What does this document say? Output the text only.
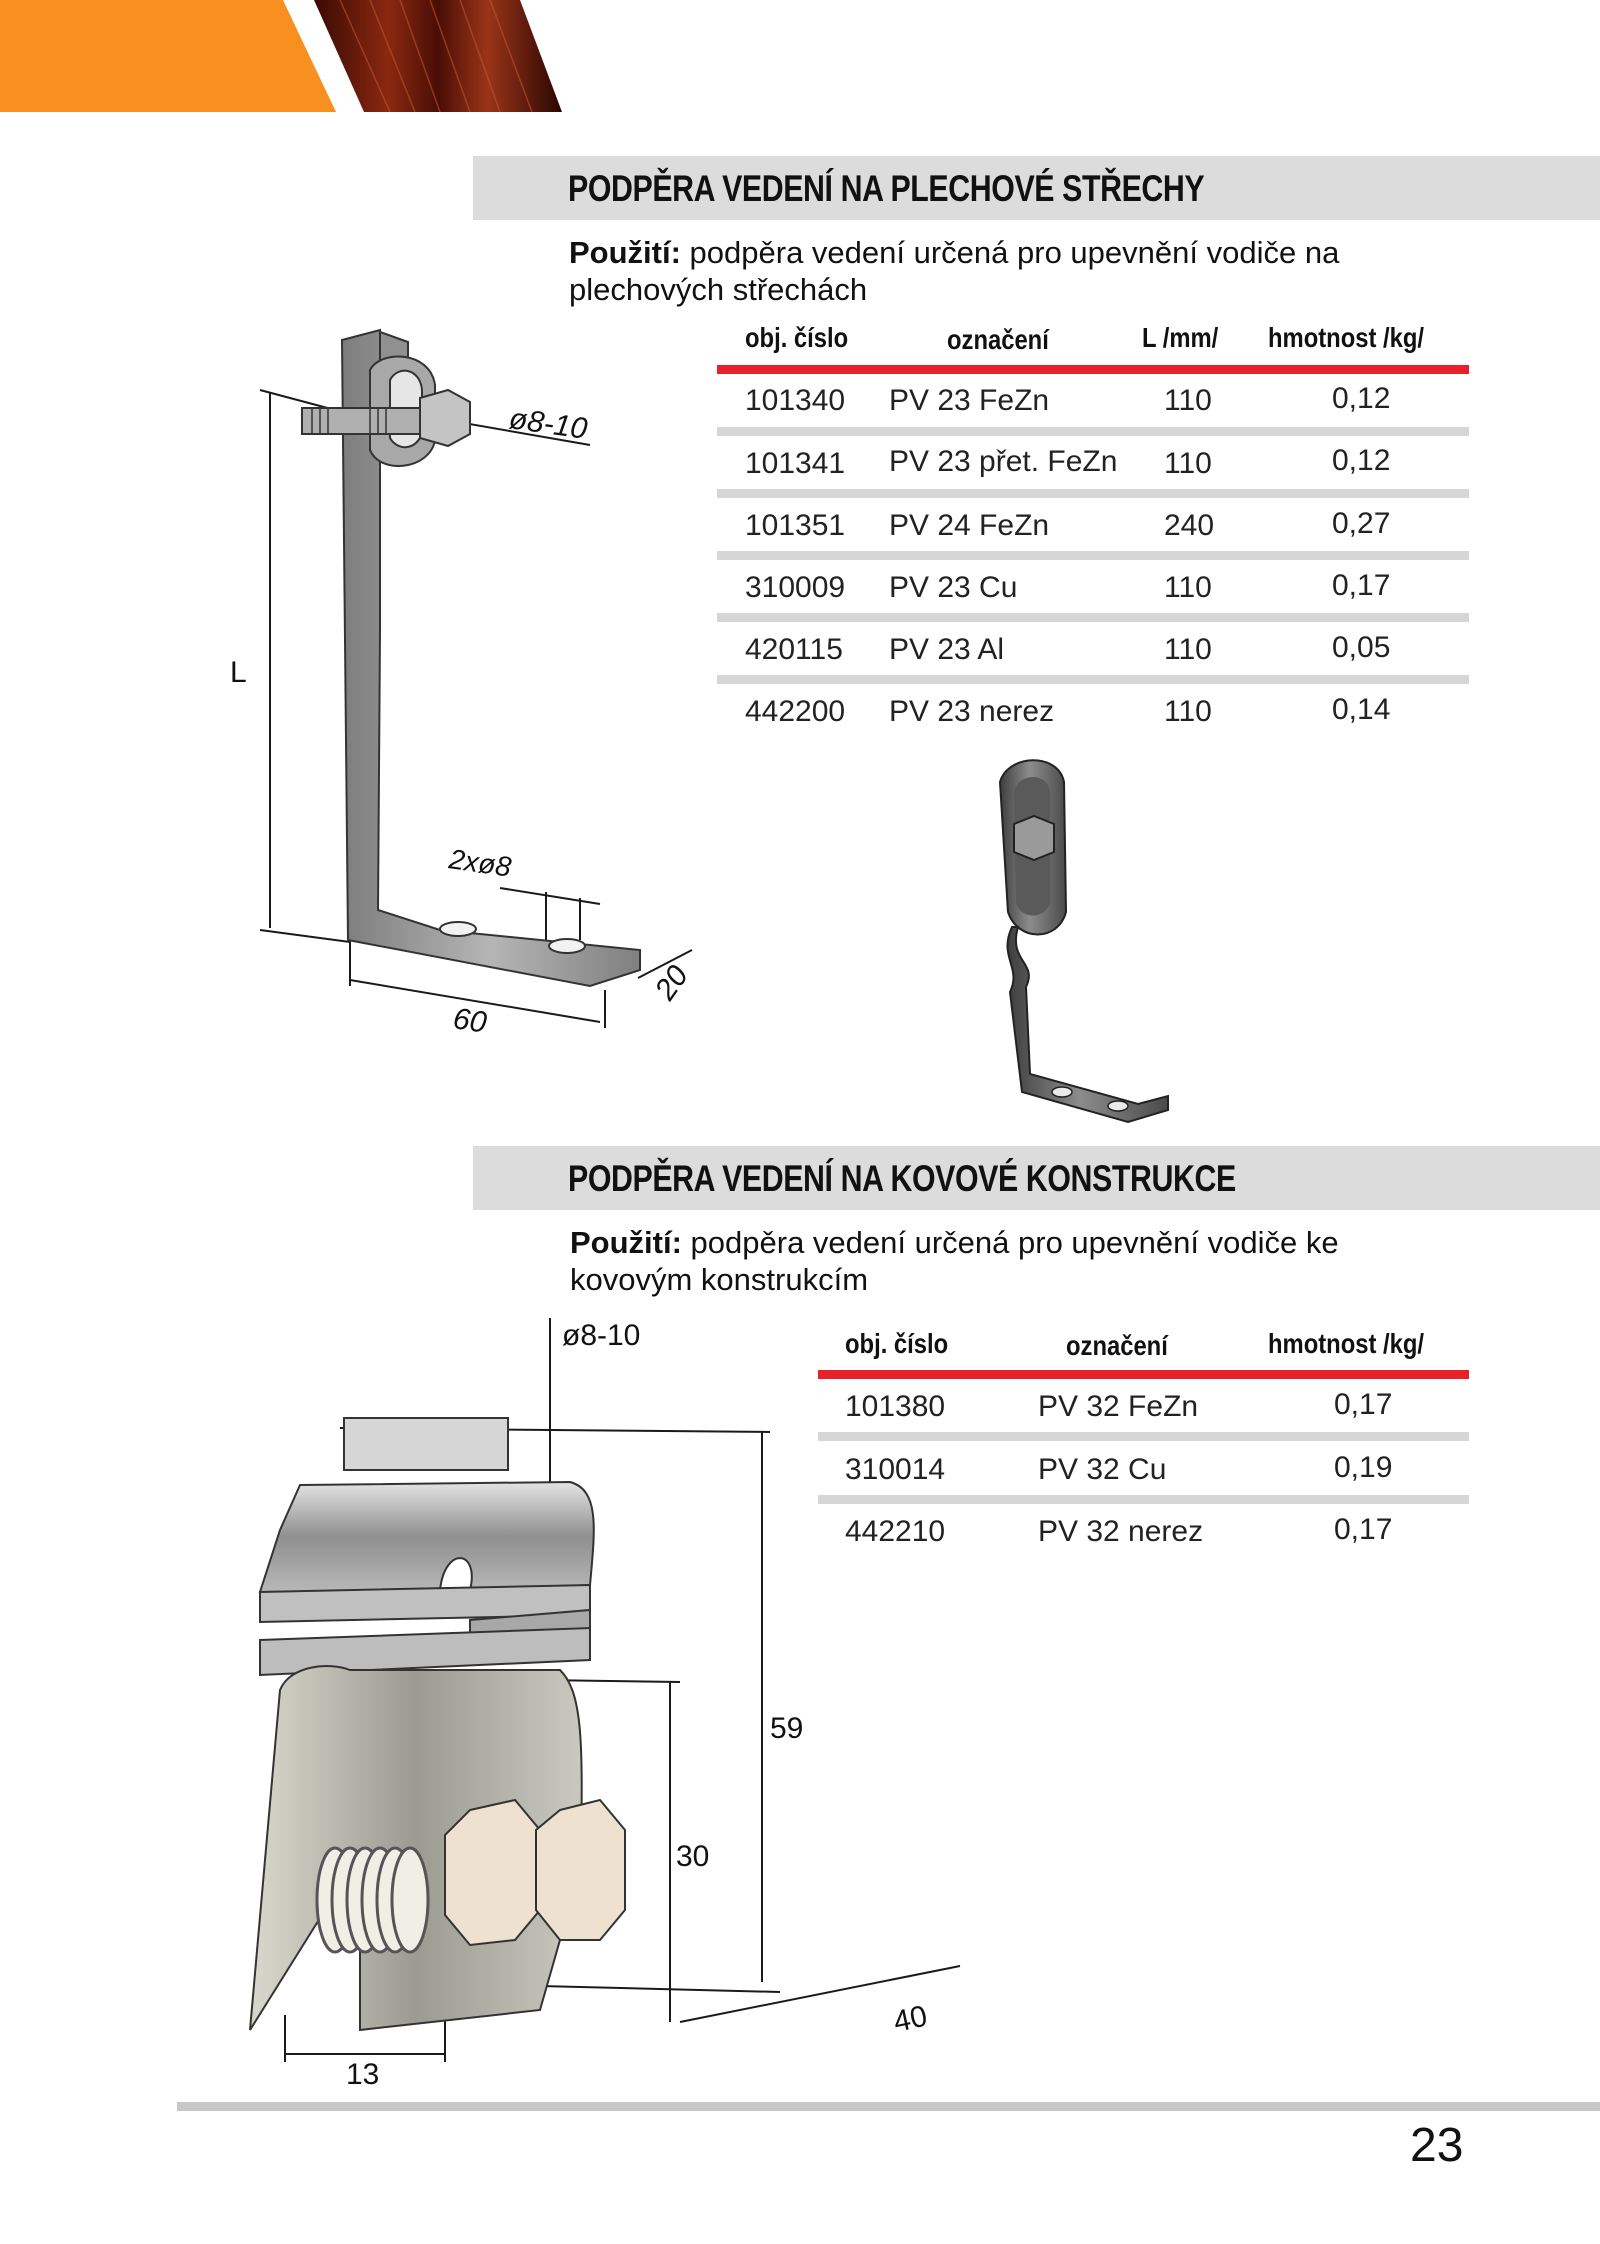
PODPĚRA VEDENÍ NA PLECHOVÉ STŘECHY
Použití: podpěra vedení určená pro upevnění vodiče na
plechových střechách
obj. číslo	označení	L /mm/ hmotnost /kg/
101340 PV 23 FeZn	110	0,12
101341 PV 23 přet. FeZn 110	0,12
101351 PV 24 FeZn	240	0,27
310009 PV 23 Cu	110	0,17
420115 PV 23 Al	110	0,05
442200 PV 23 nerez	110	0,14
L
ø8-10
2xø8
60
20
PODPĚRA VEDENÍ NA KOVOVÉ KONSTRUKCE
Použití: podpěra vedení určená pro upevnění vodiče ke
kovovým konstrukcím
obj. číslo	označení	hmotnost /kg/
101380	PV 32 FeZn	0,17
310014	PV 32 Cu	0,19
442210	PV 32 nerez	0,17
ø8-10
59
30
40
13
23
